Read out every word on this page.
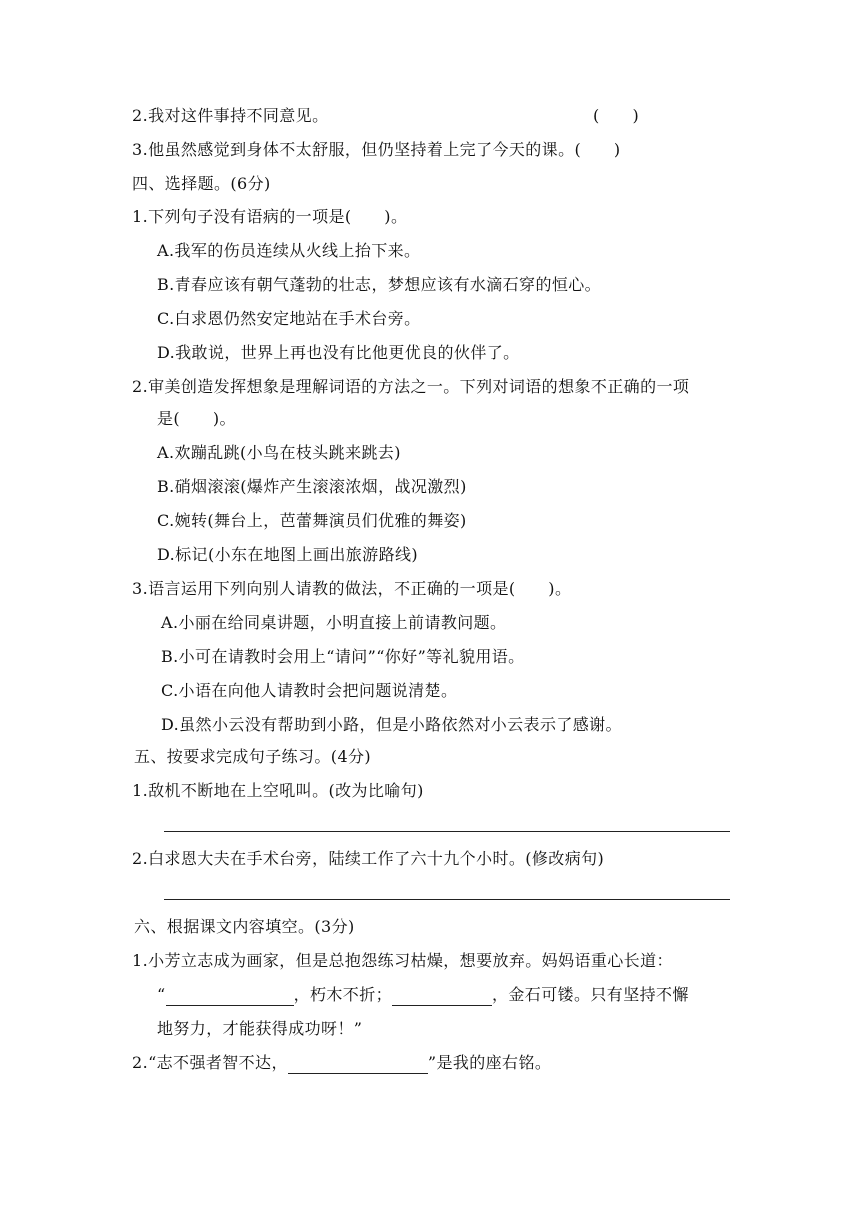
2.我对这件事持不同意见。	(　　)
3.他虽然感觉到身体不太舒服，但仍坚持着上完了今天的课。(　　)
四、选择题。(6分)
1.下列句子没有语病的一项是(　　)。
A.我军的伤员连续从火线上抬下来。
B.青春应该有朝气蓬勃的壮志，梦想应该有水滴石穿的恒心。
C.白求恩仍然安定地站在手术台旁。
D.我敢说，世界上再也没有比他更优良的伙伴了。
2.审美创造发挥想象是理解词语的方法之一。下列对词语的想象不正确的一项
是(　　)。
A.欢蹦乱跳(小鸟在枝头跳来跳去)
B.硝烟滚滚(爆炸产生滚滚浓烟，战况激烈)
C.婉转(舞台上，芭蕾舞演员们优雅的舞姿)
D.标记(小东在地图上画出旅游路线)
3.语言运用下列向别人请教的做法，不正确的一项是(　　)。
A.小丽在给同桌讲题，小明直接上前请教问题。
B.小可在请教时会用上“请问”“你好”等礼貌用语。
C.小语在向他人请教时会把问题说清楚。
D.虽然小云没有帮助到小路，但是小路依然对小云表示了感谢。
五、按要求完成句子练习。(4分)
1.敌机不断地在上空吼叫。(改为比喻句)
2.白求恩大夫在手术台旁，陆续工作了六十九个小时。(修改病句)
六、根据课文内容填空。(3分)
1.小芳立志成为画家，但是总抱怨练习枯燥，想要放弃。妈妈语重心长道：
“	，朽木不折；	，金石可镂。只有坚持不懈
地努力，才能获得成功呀！”
2.“志不强者智不达，	”是我的座右铭。
